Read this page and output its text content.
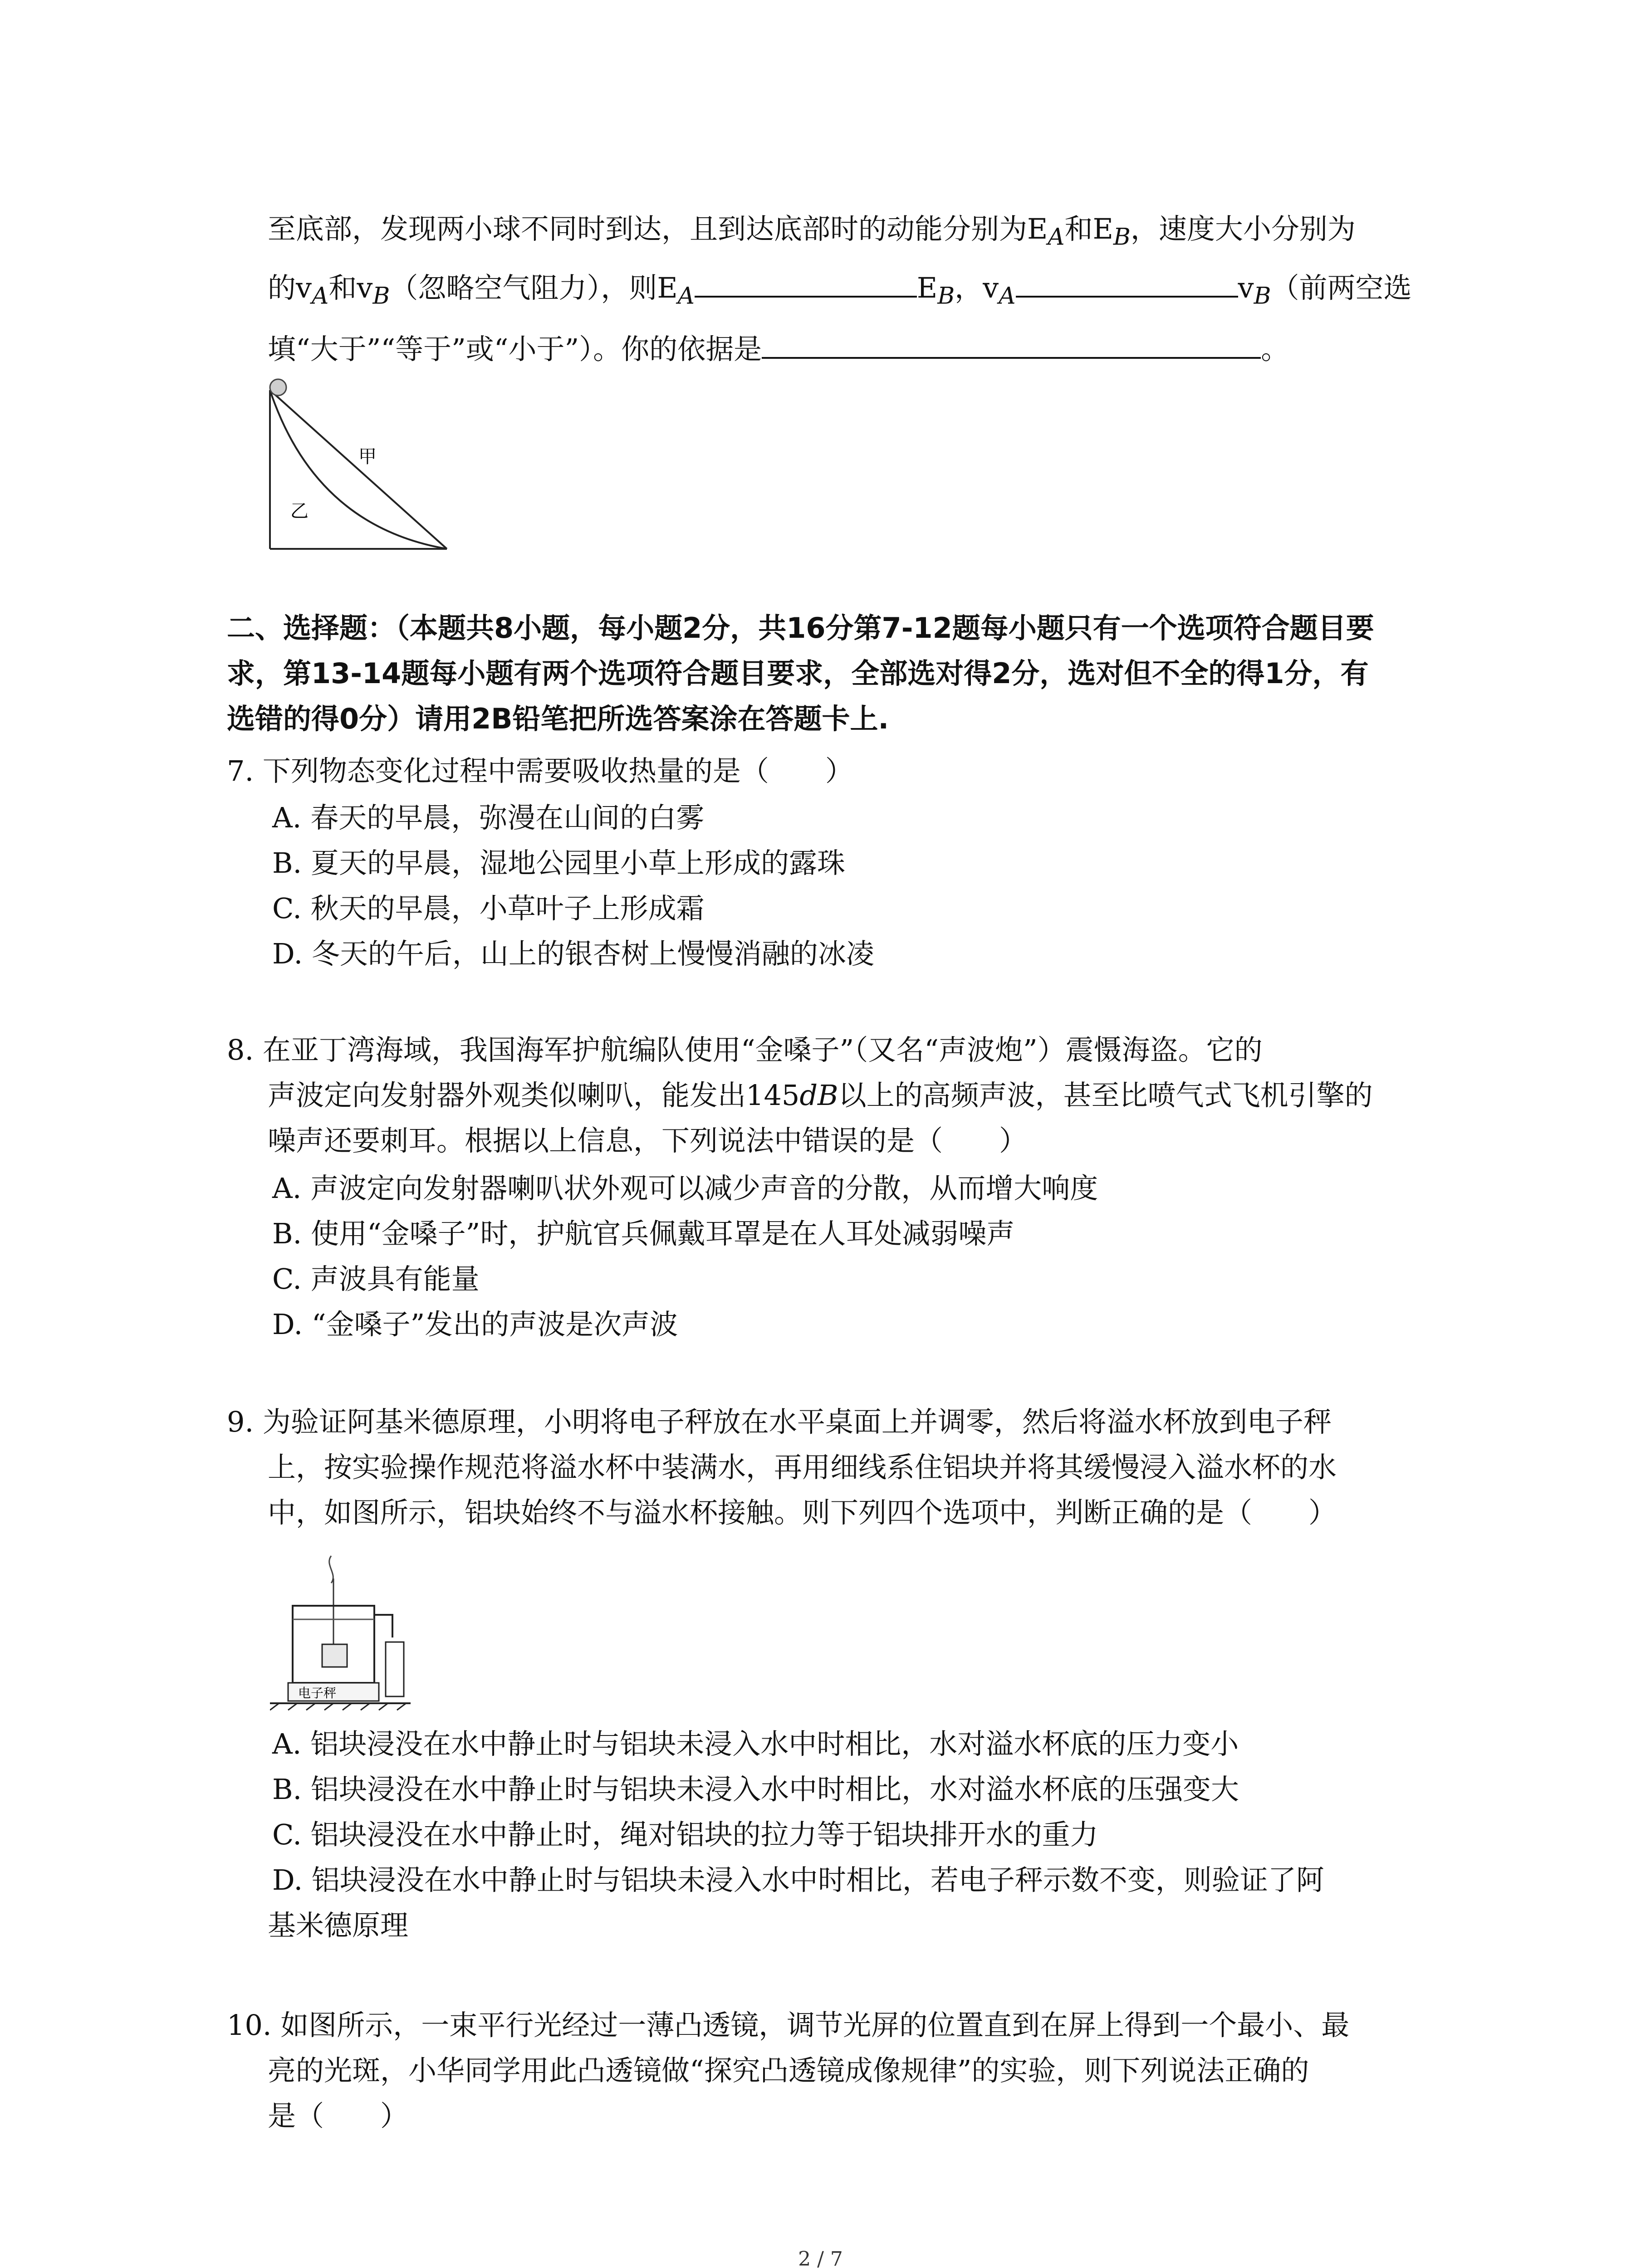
至底部，发现两小球不同时到达，且到达底部时的动能分别为$E_A$和$E_B$，速度大小分别为
的$v_A$和$v_B$（忽略空气阻力），则$E_A$	$E_B$，$v_A$	$v_B$（前两空选
填“大于”“等于”或“小于”）。你的依据是	。
甲
乙
二、选择题：（本题共8小题，每小题2分，共16分第7-12题每小题只有一个选项符合题目要
求，第13-14题每小题有两个选项符合题目要求，全部选对得2分，选对但不全的得1分，有
选错的得0分）请用2B铅笔把所选答案涂在答题卡上.
7. 下列物态变化过程中需要吸收热量的是（　　）
A. 春天的早晨，弥漫在山间的白雾
B. 夏天的早晨，湿地公园里小草上形成的露珠
C. 秋天的早晨，小草叶子上形成霜
D. 冬天的午后，山上的银杏树上慢慢消融的冰凌
8. 在亚丁湾海域，我国海军护航编队使用“金嗓子”（又名“声波炮”）震慑海盗。它的
声波定向发射器外观类似喇叭，能发出145dB以上的高频声波，甚至比喷气式飞机引擎的
噪声还要刺耳。根据以上信息，下列说法中错误的是（　　）
A. 声波定向发射器喇叭状外观可以减少声音的分散，从而增大响度
B. 使用“金嗓子”时，护航官兵佩戴耳罩是在人耳处减弱噪声
C. 声波具有能量
D. “金嗓子”发出的声波是次声波
9. 为验证阿基米德原理，小明将电子秤放在水平桌面上并调零，然后将溢水杯放到电子秤
上，按实验操作规范将溢水杯中装满水，再用细线系住铝块并将其缓慢浸入溢水杯的水
中，如图所示，铝块始终不与溢水杯接触。则下列四个选项中，判断正确的是（　　）
电子秤
A. 铝块浸没在水中静止时与铝块未浸入水中时相比，水对溢水杯底的压力变小
B. 铝块浸没在水中静止时与铝块未浸入水中时相比，水对溢水杯底的压强变大
C. 铝块浸没在水中静止时，绳对铝块的拉力等于铝块排开水的重力
D. 铝块浸没在水中静止时与铝块未浸入水中时相比，若电子秤示数不变，则验证了阿
基米德原理
10. 如图所示，一束平行光经过一薄凸透镜，调节光屏的位置直到在屏上得到一个最小、最
亮的光斑，小华同学用此凸透镜做“探究凸透镜成像规律”的实验，则下列说法正确的
是（　　）
2 / 7
